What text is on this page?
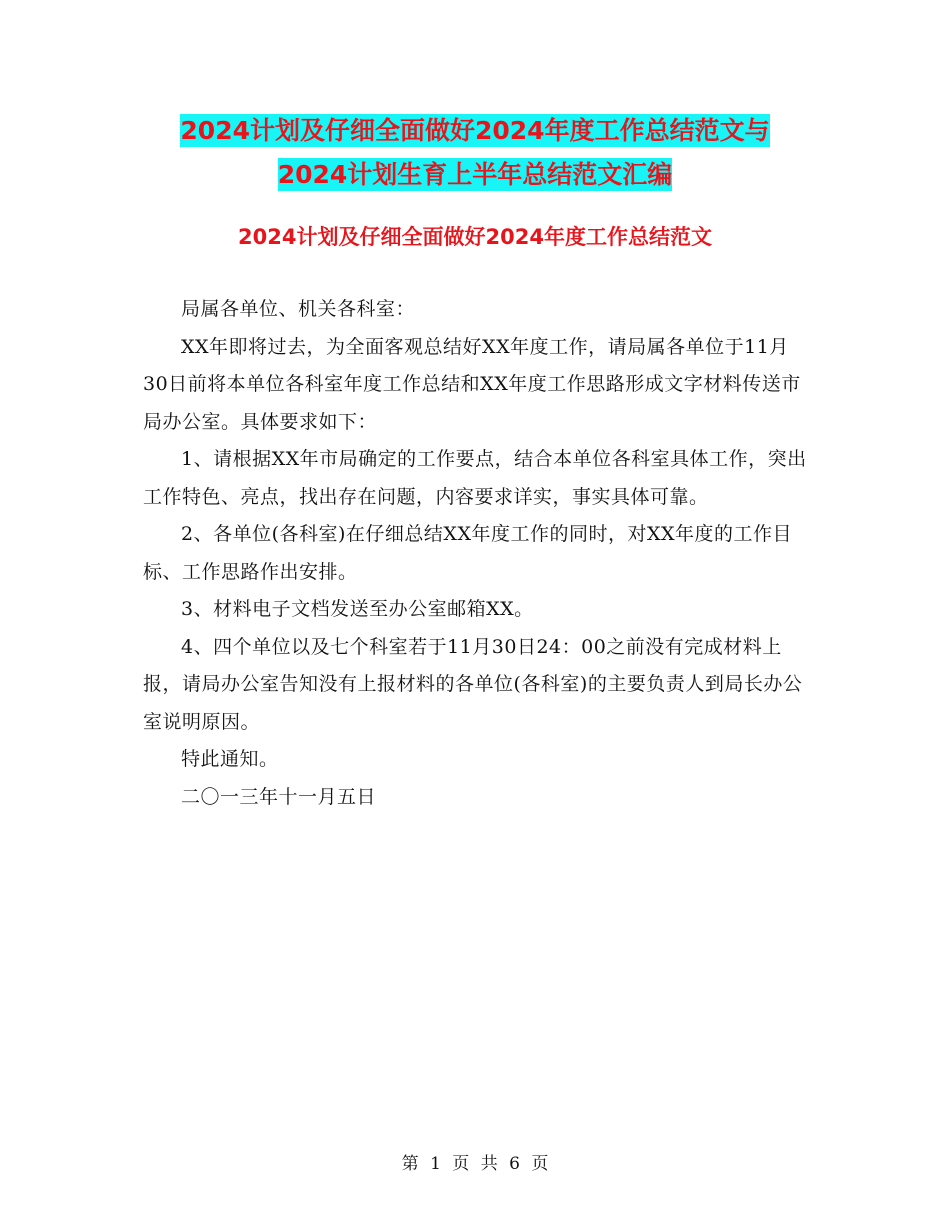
2024计划及仔细全面做好2024年度工作总结范文与
2024计划生育上半年总结范文汇编
2024计划及仔细全面做好2024年度工作总结范文

局属各单位、机关各科室：

XX年即将过去，为全面客观总结好XX年度工作，请局属各单位于11月30日前将本单位各科室年度工作总结和XX年度工作思路形成文字材料传送市局办公室。具体要求如下：

1、请根据XX年市局确定的工作要点，结合本单位各科室具体工作，突出工作特色、亮点，找出存在问题，内容要求详实，事实具体可靠。

2、各单位(各科室)在仔细总结XX年度工作的同时，对XX年度的工作目标、工作思路作出安排。

3、材料电子文档发送至办公室邮箱XX。

4、四个单位以及七个科室若于11月30日24：00之前没有完成材料上报，请局办公室告知没有上报材料的各单位(各科室)的主要负责人到局长办公室说明原因。

特此通知。

二〇一三年十一月五日

第 1 页 共 6 页
